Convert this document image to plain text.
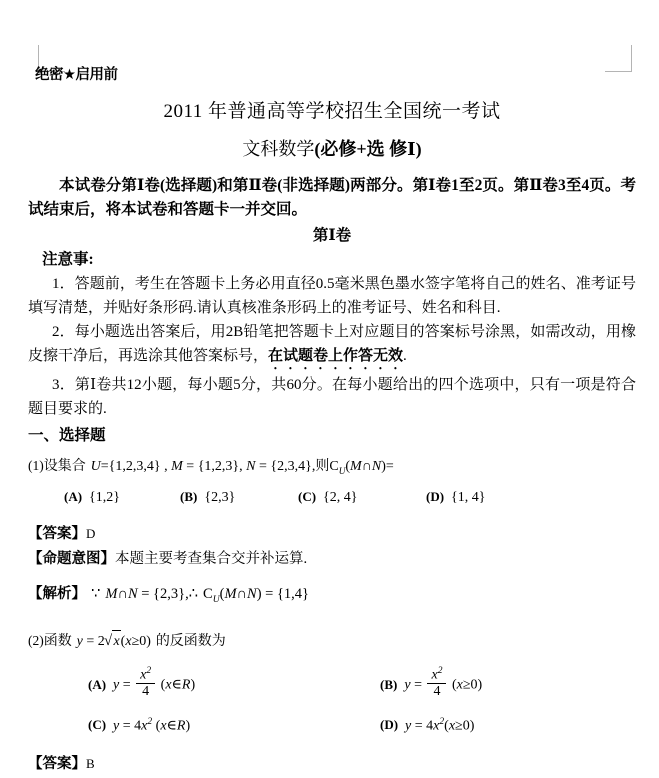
绝密★启用前
2011 年普通高等学校招生全国统一考试
文科数学(必修+选 修Ⅰ)
本试卷分第Ⅰ卷(选择题)和第Ⅱ卷(非选择题)两部分。第Ⅰ卷1至2页。第Ⅱ卷3至4页。考试结束后，将本试卷和答题卡一并交回。
第Ⅰ卷
注意事:
1．答题前，考生在答题卡上务必用直径0.5毫米黑色墨水签字笔将自己的姓名、准考证号填写清楚，并贴好条形码.请认真核准条形码上的准考证号、姓名和科目.
2．每小题选出答案后，用2B铅笔把答题卡上对应题目的答案标号涂黑，如需改动，用橡皮擦干净后，再选涂其他答案标号，在试题卷上作答无效.
3．第Ⅰ卷共12小题，每小题5分，共60分。在每小题给出的四个选项中，只有一项是符合题目要求的.
一、选择题
(1)设集合 U={1,2,3,4} , M = {1,2,3}, N = {2,3,4},则$C_U(M\cap N)=$
(A) {1,2}	(B) {2,3}	(C) {2, 4}	(D) {1, 4}
【答案】D
【命题意图】本题主要考查集合交并补运算.
【解析】 ∵ M∩N = {2,3},∴ $C_U(M\cap N) = \{1,4\}$
(2)函数 y = 2 √ x(x≥0) 的反函数为
(A) $y = \frac{x^2}{4}$ (x∈R)	(B) $y = \frac{x^2}{4} (x\ge 0)$
(C) $y = 4x^2$ (x∈R)	(D) $y = 4x^2(x\ge 0)$
【答案】B
